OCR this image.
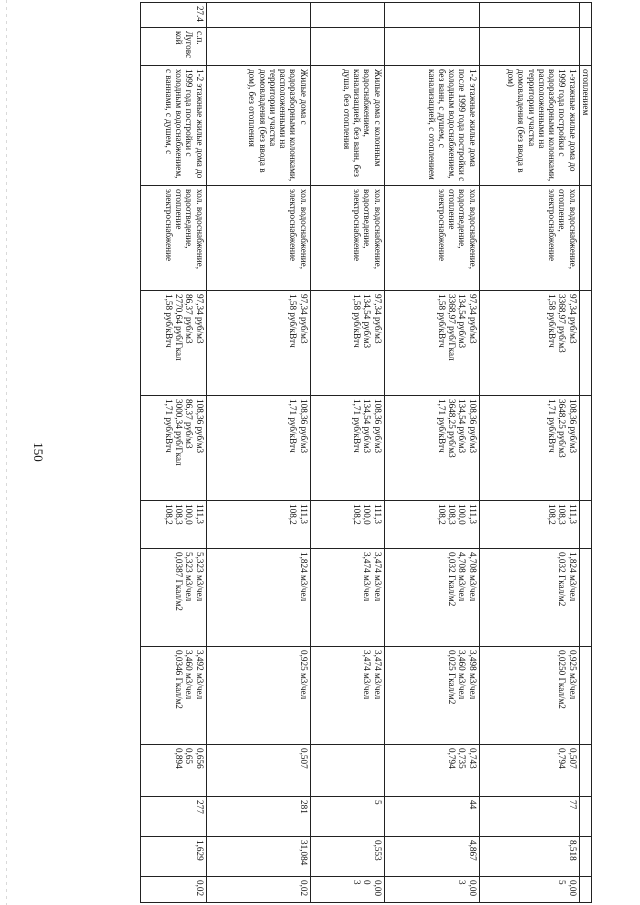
150
		отоплением										
		1-этажные жилые дома до 1999 года постройки с водоразборными колонками, расположенными на территории участка домовладения (без ввода в дом)	хол. водоснабжение, отопление, электроснабжение	97,34 руб/м3
3368,97 руб/м3
1,58 руб/кВтч	108,36 руб/м3
3648,25 руб/м3
1,71 руб/кВтч	111,3
108,3
108,2	1,824 м3/чел
0,032 Гкал/м2	0,925 м3/чел
0,0250 Гкал/м2	0,507
0,794	77	8,518	0,005
		1-2 этажные жилые дома после 1999 года постройки с холодным водоснабжением, без ванн, с душем, с канализацией, с отоплением	хол. водоснабжение, водоотведение, отопление электроснабжение	97,34 руб/м3
134,54 руб/м3
3368,97 руб/Гкал
1,58 руб/кВтч	108,36 руб/м3
134,54 руб/м3
3648,25 руб/м3
1,71 руб/кВтч	111,3
100,0
108,3
108,2	4,708 м3/чел
4,708 м3/чел
0,032 Гкал/м2	3,498 м3/чел
3,460 м3/чел
0,025 Гкал/м2	0,743
0,735
0,794	44	4,867	0,003
		Жилые дома с колонным водоснабжением, канализацией, без ванн, без душа, без отопления	хол. водоснабжение, водоотведение, электроснабжение	97,34 руб/м3
134,54 руб/м3
1,58 руб/кВтч	108,36 руб/м3
134,54 руб/м3
1,71 руб/кВтч	111,3
100,0
108,2	3,474 м3/чел
3,474 м3/чел	3,474 м3/чел
3,474 м3/чел		5	0,553	0,000
3
		Жилые дома с водоразборными колонками, расположенными на территории участка домовладения (без ввода в дом), без отопления	хол. водоснабжение, электроснабжение	97,34 руб/м3
1,58 руб/кВтч	108,36 руб/м3
1,71 руб/кВтч	111,3
108,2	1,824 м3/чел	0,925 м3/чел	0,507	281	31,084	0,02
27.4	с.п. Луговской	1-2 этажные жилые дома до 1999 года постройки с холодным водоснабжением, с ваннами, с душем, с	хол. водоснабжение, водоотведение, отопление электроснабжение	97,34 руб/м3
86,37 руб/м3
2770,64 руб/Гкал
1,58 руб/кВтч	108,36 руб/м3
86,37 руб/м3
3000,34 руб/Гкал
1,71 руб/кВтч	111,3
100,0
108,3
108,2	5,323 м3/чел
5,323 м3/чел
0,0387 Гкал/м2	3,492 м3/чел
3,460 м3/чел
0,0346 Гкал/м2	0,656
0,65
0,894	277	1,629	0,02
